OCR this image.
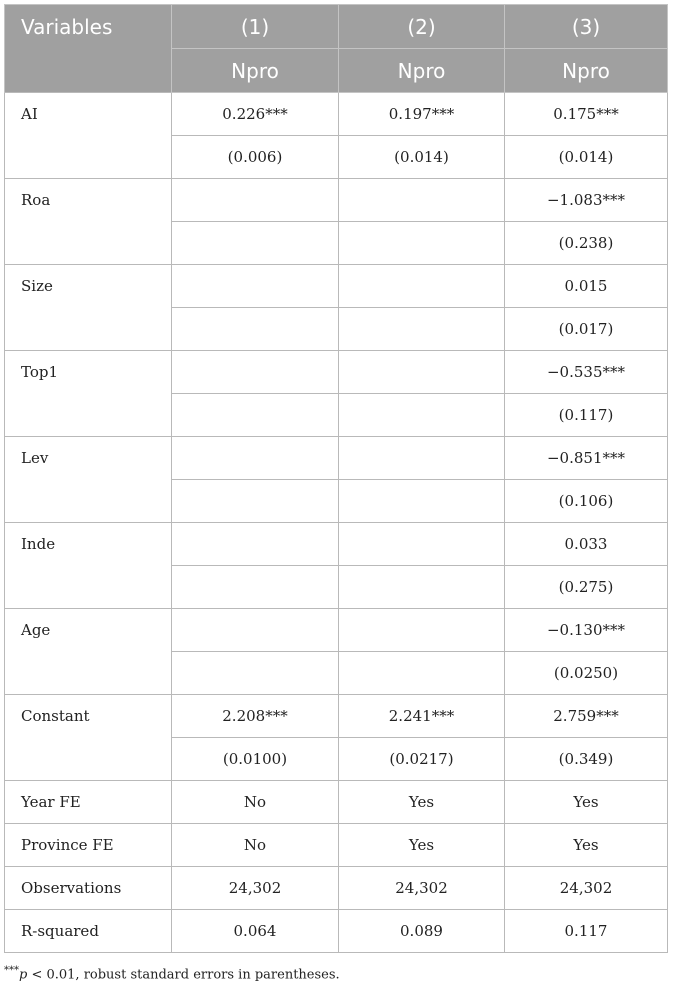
Variables	(1)	(2)	(3)
	Npro	Npro	Npro
AI	0.226***	0.197***	0.175***
	(0.006)	(0.014)	(0.014)
Roa			−1.083***
			(0.238)
Size			0.015
			(0.017)
Top1			−0.535***
			(0.117)
Lev			−0.851***
			(0.106)
Inde			0.033
			(0.275)
Age			−0.130***
			(0.0250)
Constant	2.208***	2.241***	2.759***
	(0.0100)	(0.0217)	(0.349)
Year FE	No	Yes	Yes
Province FE	No	Yes	Yes
Observations	24,302	24,302	24,302
R-squared	0.064	0.089	0.117
***p < 0.01, robust standard errors in parentheses.
